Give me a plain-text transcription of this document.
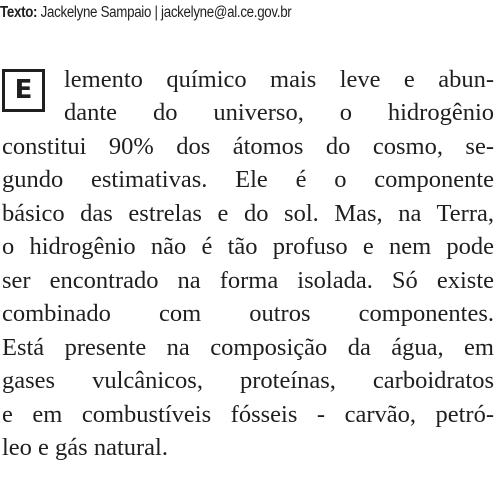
Texto: Jackelyne Sampaio | jackelyne@al.ce.gov.br
E	lemento químico mais leve e abun-
dante do universo, o hidrogênio
constitui 90% dos átomos do cosmo, se-
gundo estimativas. Ele é o componente
básico das estrelas e do sol. Mas, na Terra,
o hidrogênio não é tão profuso e nem pode
ser encontrado na forma isolada. Só existe
combinado com outros componentes.
Está presente na composição da água, em
gases vulcânicos, proteínas, carboidratos
e em combustíveis fósseis - carvão, petró-
leo e gás natural.
